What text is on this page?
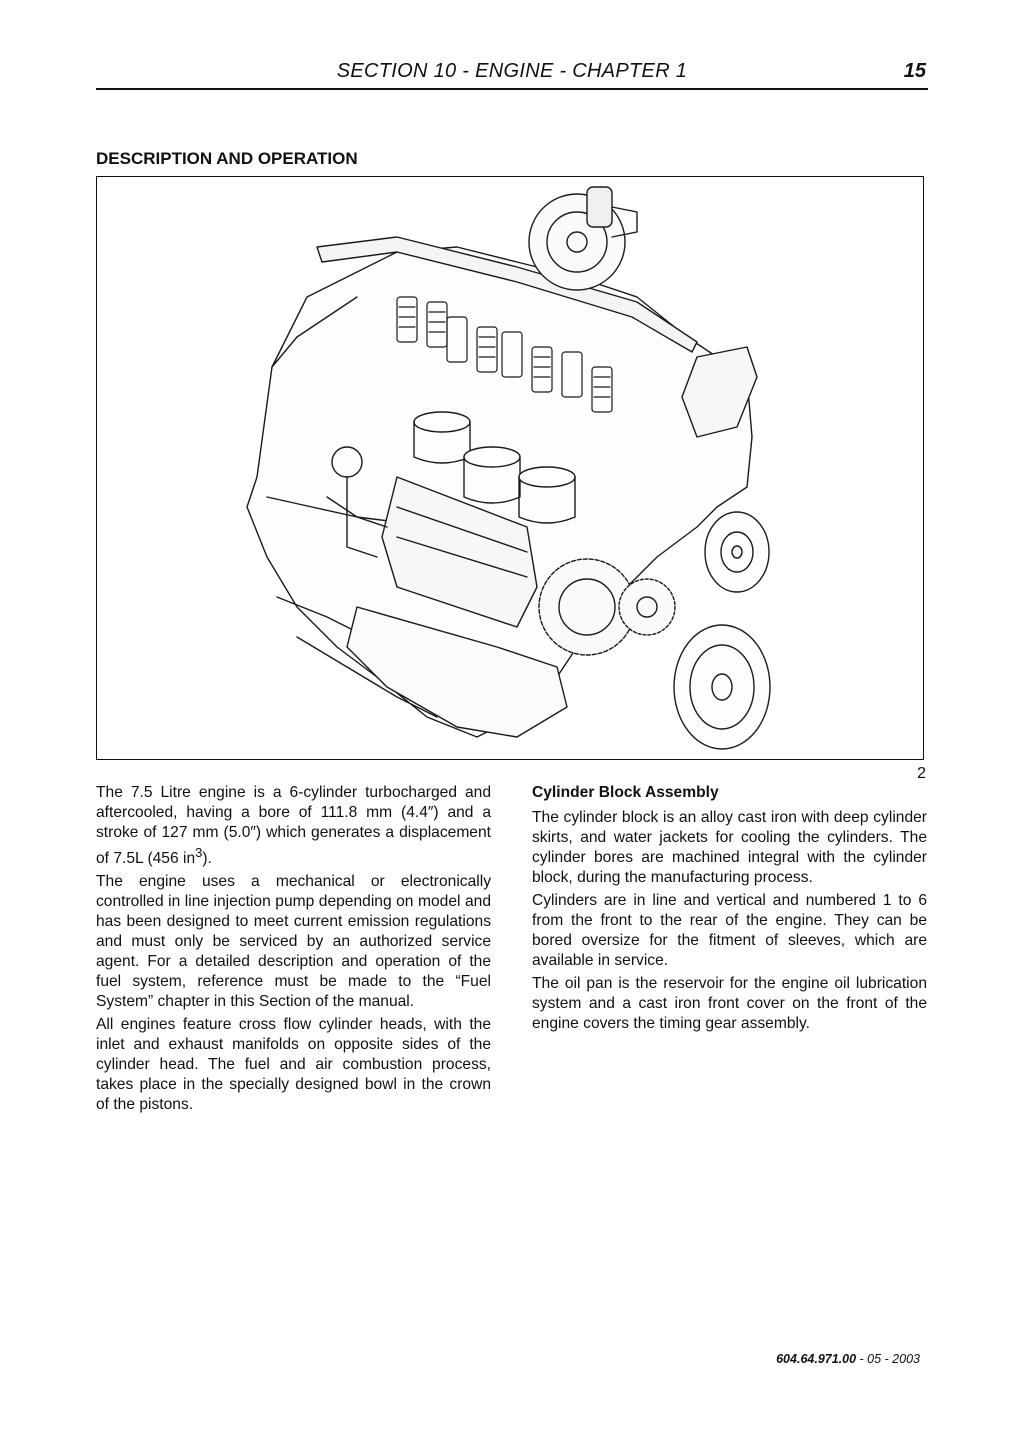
SECTION 10 - ENGINE - CHAPTER 1	15
DESCRIPTION AND OPERATION
2

The 7.5 Litre engine is a 6-cylinder turbocharged and aftercooled, having a bore of 111.8 mm (4.4″) and a stroke of 127 mm (5.0″) which generates a displacement of 7.5L (456 $in^3$).

The engine uses a mechanical or electronically controlled in line injection pump depending on model and has been designed to meet current emission regulations and must only be serviced by an authorized service agent. For a detailed description and operation of the fuel system, reference must be made to the “Fuel System” chapter in this Section of the manual.

All engines feature cross flow cylinder heads, with the inlet and exhaust manifolds on opposite sides of the cylinder head. The fuel and air combustion process, takes place in the specially designed bowl in the crown of the pistons.

Cylinder Block Assembly

The cylinder block is an alloy cast iron with deep cylinder skirts, and water jackets for cooling the cylinders. The cylinder bores are machined integral with the cylinder block, during the manufacturing process.

Cylinders are in line and vertical and numbered 1 to 6 from the front to the rear of the engine. They can be bored oversize for the fitment of sleeves, which are available in service.

The oil pan is the reservoir for the engine oil lubrication system and a cast iron front cover on the front of the engine covers the timing gear assembly.

604.64.971.00 - 05 - 2003
